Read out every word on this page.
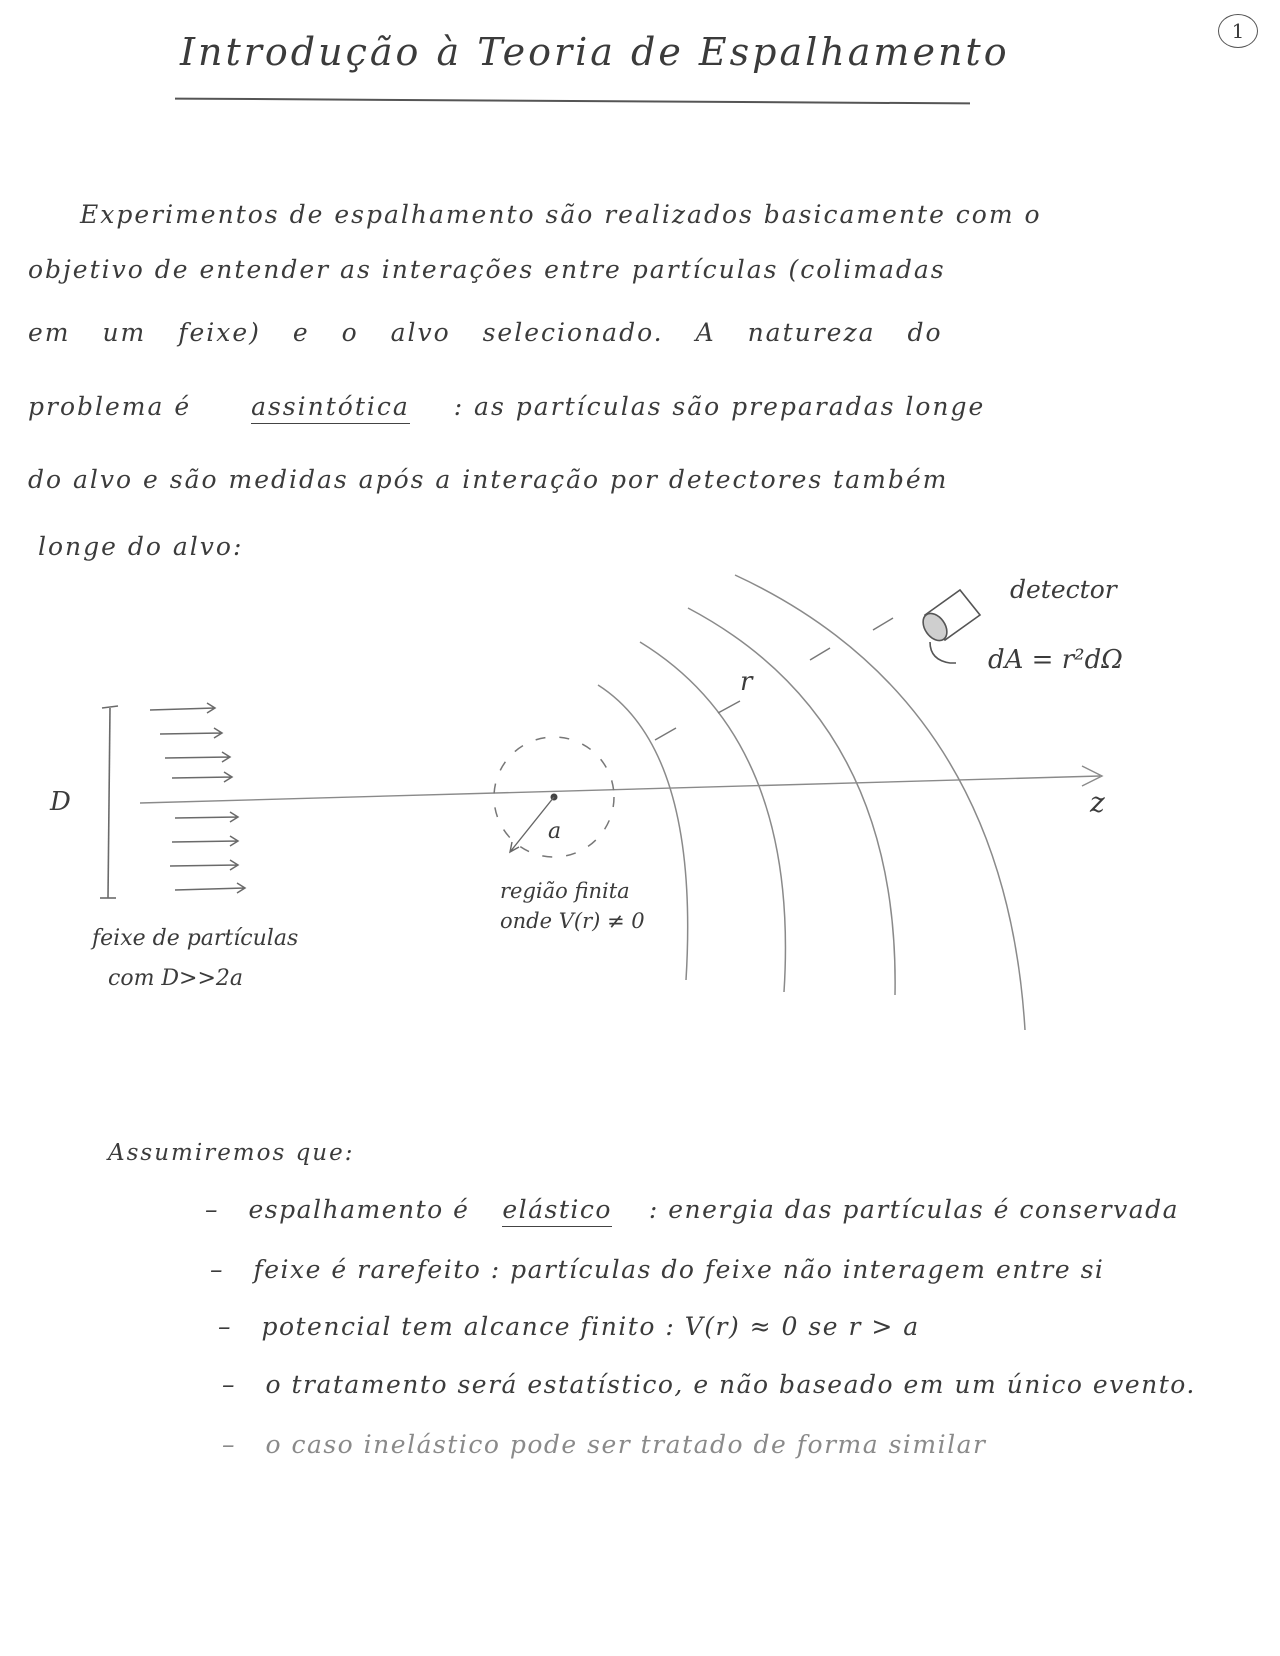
1
Introdução à Teoria de Espalhamento
Experimentos de espalhamento são realizados basicamente com o
objetivo de entender as interações entre partículas (colimadas
em um feixe) e o alvo selecionado. A natureza do
problema é assintótica : as partículas são preparadas longe
do alvo e são medidas após a interação por detectores também
longe do alvo:
D	z
a
região finita
onde V(r) ≠ 0
feixe de partículas
com D>>2a
r
detector
dA = r²dΩ
Assumiremos que:
– espalhamento é elástico : energia das partículas é conservada
– feixe é rarefeito : partículas do feixe não interagem entre si
– potencial tem alcance finito : V(r) ≈ 0 se r > a
– o tratamento será estatístico, e não baseado em um único evento.
– o caso inelástico pode ser tratado de forma similar
